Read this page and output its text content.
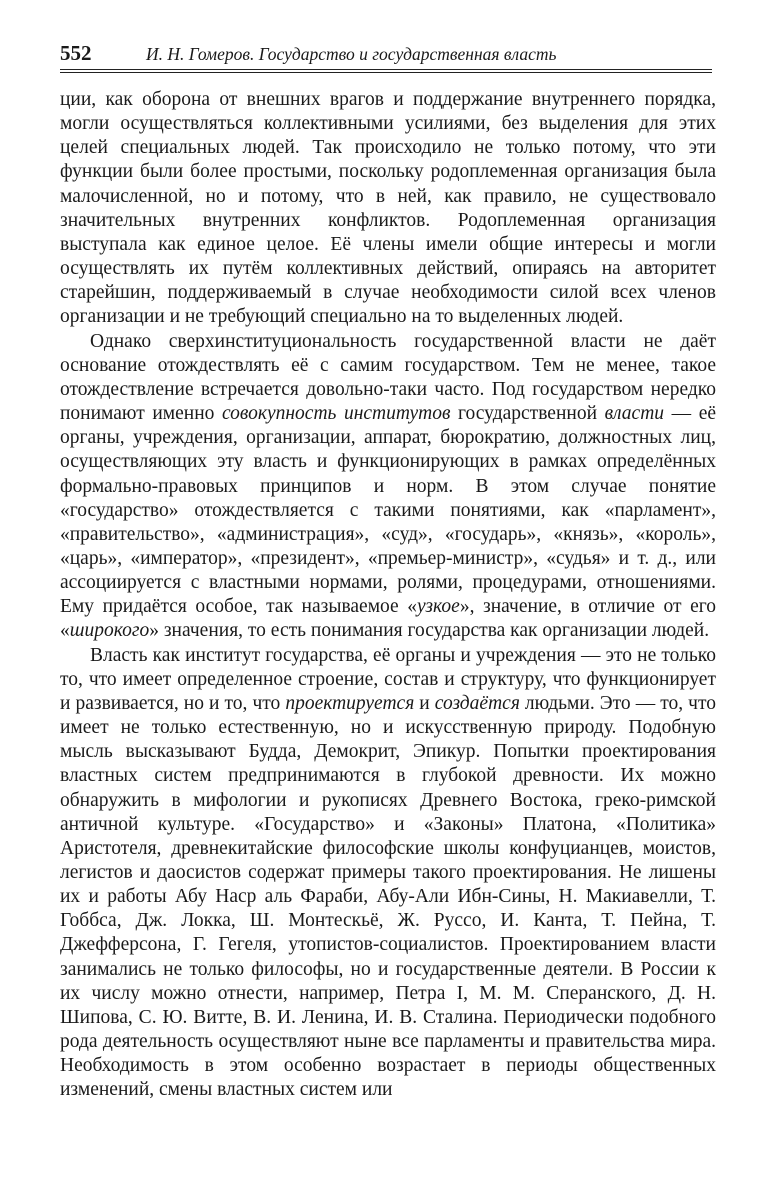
552	И. Н. Гомеров. Государство и государственная власть

ции, как оборона от внешних врагов и поддержание внутреннего порядка, могли осуществляться коллективными усилиями, без выделения для этих целей специальных людей. Так происходило не только потому, что эти функции были более простыми, поскольку родоплеменная организация была малочисленной, но и потому, что в ней, как правило, не существовало значительных внутренних конфликтов. Родоплеменная организация выступала как единое целое. Её члены имели общие интересы и могли осуществлять их путём коллективных действий, опираясь на авторитет старейшин, поддерживаемый в случае необходимости силой всех членов организации и не требующий специально на то выделенных людей.

Однако сверхинституциональность государственной власти не даёт основание отождествлять её с самим государством. Тем не менее, такое отождествление встречается довольно-таки часто. Под государством нередко понимают именно совокупность институтов государственной власти — её органы, учреждения, организации, аппарат, бюрократию, должностных лиц, осуществляющих эту власть и функционирующих в рамках определённых формально-правовых принципов и норм. В этом случае понятие «государство» отождествляется с такими понятиями, как «парламент», «правительство», «администрация», «суд», «государь», «князь», «король», «царь», «император», «президент», «премьер-министр», «судья» и т. д., или ассоциируется с властными нормами, ролями, процедурами, отношениями. Ему придаётся особое, так называемое «узкое», значение, в отличие от его «широкого» значения, то есть понимания государства как организации людей.

Власть как институт государства, её органы и учреждения — это не только то, что имеет определенное строение, состав и структуру, что функционирует и развивается, но и то, что проектируется и создаётся людьми. Это — то, что имеет не только естественную, но и искусственную природу. Подобную мысль высказывают Будда, Демокрит, Эпикур. Попытки проектирования властных систем предпринимаются в глубокой древности. Их можно обнаружить в мифологии и рукописях Древнего Востока, греко-римской античной культуре. «Государство» и «Законы» Платона, «Политика» Аристотеля, древнекитайские философские школы конфуцианцев, моистов, легистов и даосистов содержат примеры такого проектирования. Не лишены их и работы Абу Наср аль Фараби, Абу-Али Ибн-Сины, Н. Макиавелли, Т. Гоббса, Дж. Локка, Ш. Монтескьё, Ж. Руссо, И. Канта, Т. Пейна, Т. Джефферсона, Г. Гегеля, утопистов-социалистов. Проектированием власти занимались не только философы, но и государственные деятели. В России к их числу можно отнести, например, Петра I, М. М. Сперанского, Д. Н. Шипова, С. Ю. Витте, В. И. Ленина, И. В. Сталина. Периодически подобного рода деятельность осуществляют ныне все парламенты и правительства мира. Необходимость в этом особенно возрастает в периоды общественных изменений, смены властных систем или
